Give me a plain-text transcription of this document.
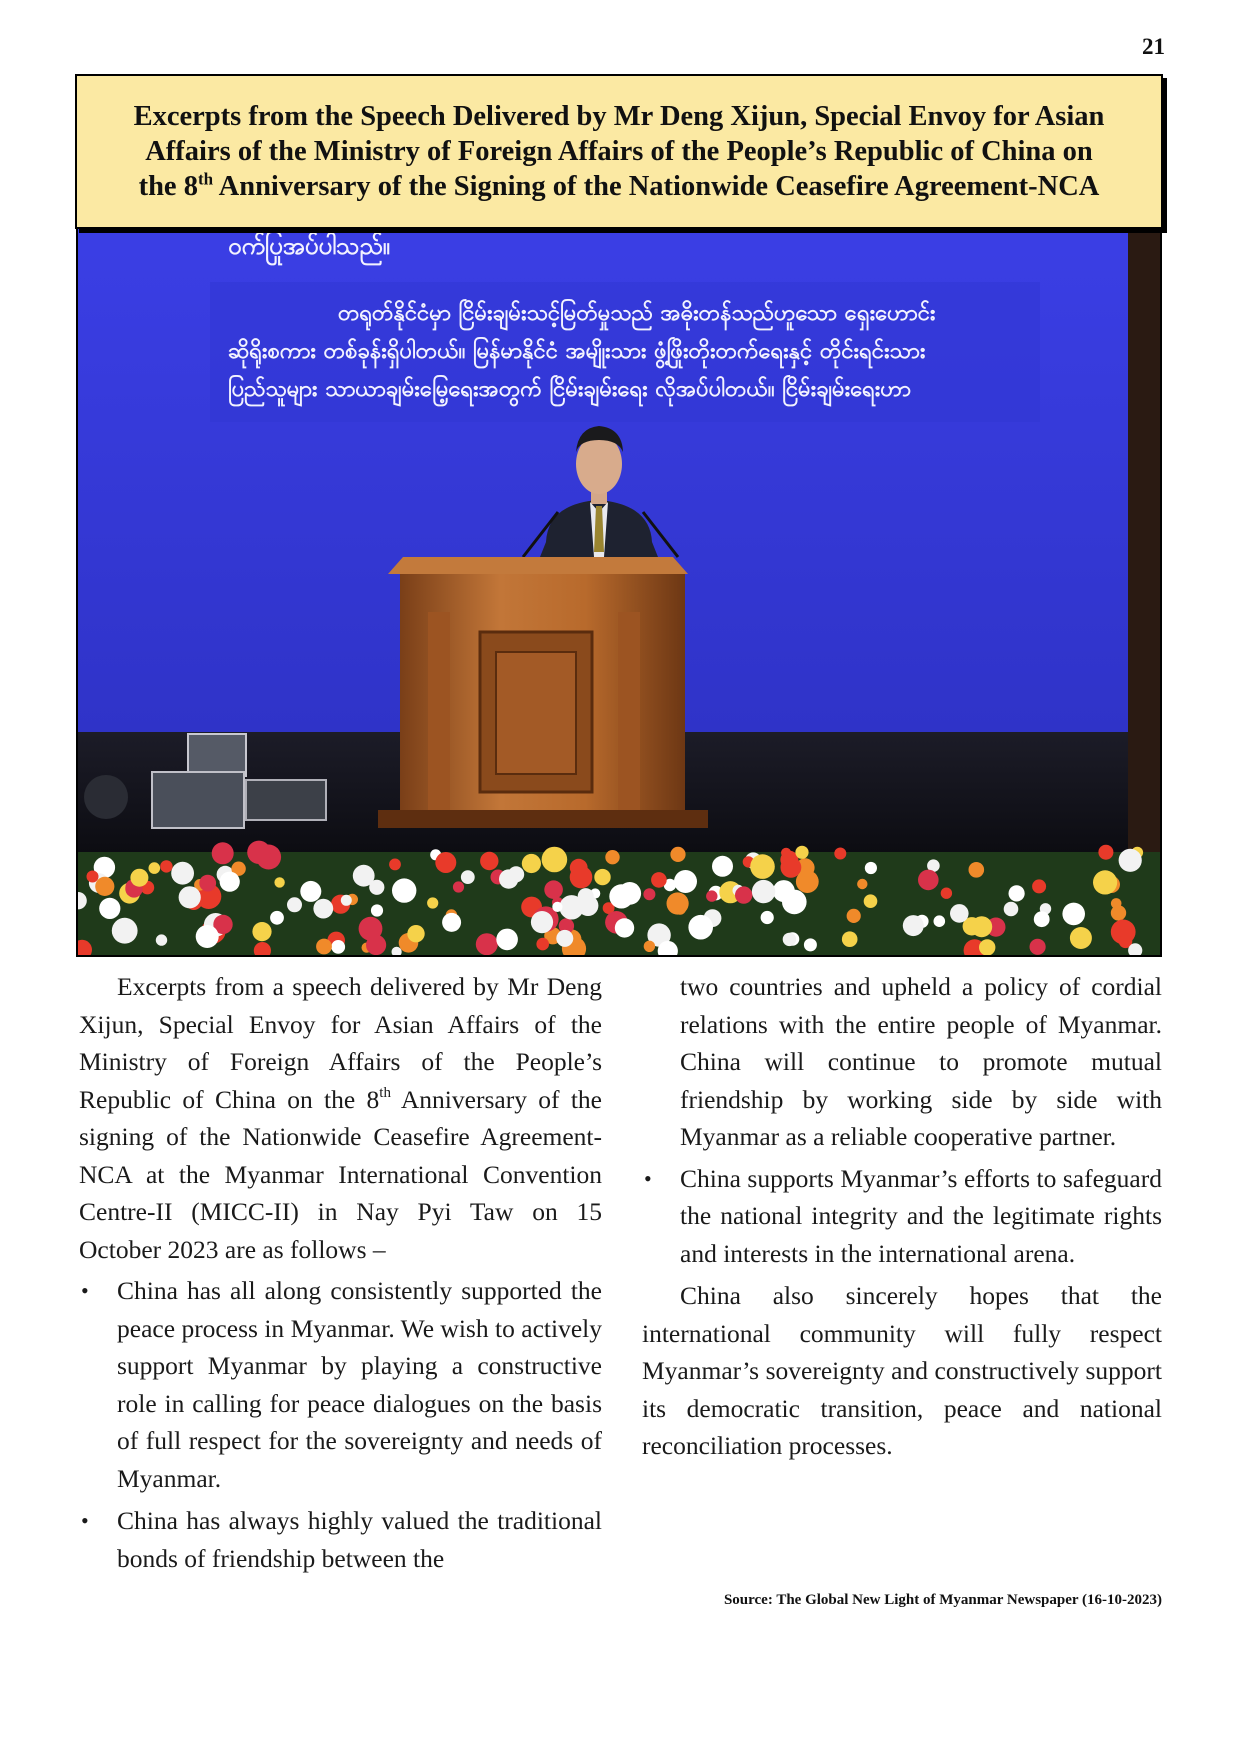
21
Excerpts from the Speech Delivered by Mr Deng Xijun, Special Envoy for Asian
Affairs of the Ministry of Foreign Affairs of the People’s Republic of China on
the 8th Anniversary of the Signing of the Nationwide Ceasefire Agreement-NCA
ဝက်ပြုအပ်ပါသည်။
တရုတ်နိုင်ငံမှာ ငြိမ်းချမ်းသင့်မြတ်မှုသည် အဓိုးတန်သည်ဟူသော ရှေးဟောင်း
ဆိုရိုးစကား တစ်ခုန်းရှိပါတယ်။ မြန်မာနိုင်ငံ အမျိုးသား ဖွံ့ဖြိုးတိုးတက်ရေးနှင့် တိုင်းရင်းသား
ပြည်သူများ သာယာချမ်းမြေ့ရေးအတွက် ငြိမ်းချမ်းရေး လိုအပ်ပါတယ်။ ငြိမ်းချမ်းရေးဟာ

Excerpts from a speech delivered by Mr Deng Xijun, Special Envoy for Asian Affairs of the Ministry of Foreign Affairs of the People’s Republic of China on the 8th Anniversary of the signing of the Nationwide Ceasefire Agreement-NCA at the Myanmar International Convention Centre-II (MICC-II) in Nay Pyi Taw on 15 October 2023 are as follows –

• China has all along consistently supported the peace process in Myanmar. We wish to actively support Myanmar by playing a constructive role in calling for peace dialogues on the basis of full respect for the sovereignty and needs of Myanmar.
• China has always highly valued the traditional bonds of friendship between the

two countries and upheld a policy of cordial relations with the entire people of Myanmar. China will continue to promote mutual friendship by working side by side with Myanmar as a reliable cooperative partner.

• China supports Myanmar’s efforts to safeguard the national integrity and the legitimate rights and interests in the international arena.

China also sincerely hopes that the international community will fully respect Myanmar’s sovereignty and constructively support its democratic transition, peace and national reconciliation processes.

Source: The Global New Light of Myanmar Newspaper (16-10-2023)
